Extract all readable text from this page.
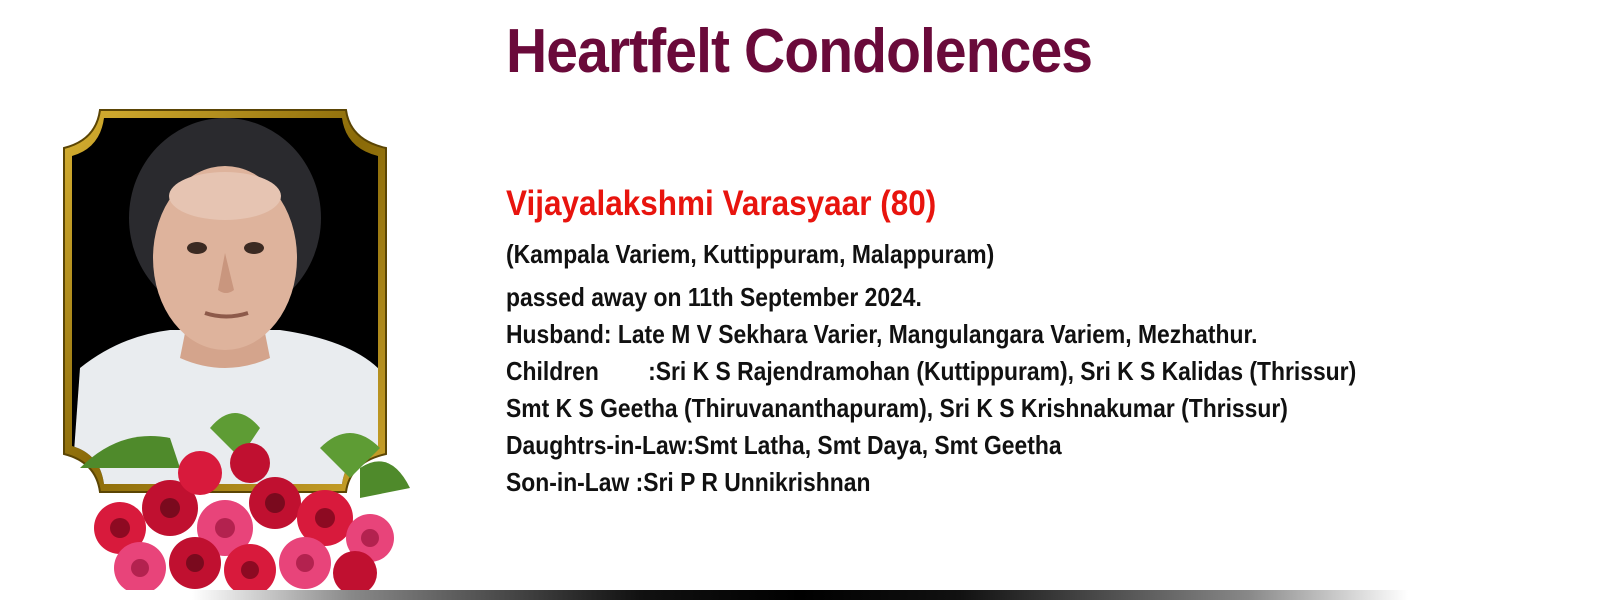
Heartfelt Condolences
Vijayalakshmi Varasyaar (80)
(Kampala Variem, Kuttippuram, Malappuram)
passed away on 11th September 2024.
Husband: Late M V Sekhara Varier, Mangulangara Variem, Mezhathur.
Children :Sri K S Rajendramohan (Kuttippuram), Sri K S Kalidas (Thrissur)
Smt K S Geetha (Thiruvananthapuram), Sri K S Krishnakumar (Thrissur)
Daughtrs-in-Law:Smt Latha, Smt Daya, Smt Geetha
Son-in-Law :Sri P R Unnikrishnan
